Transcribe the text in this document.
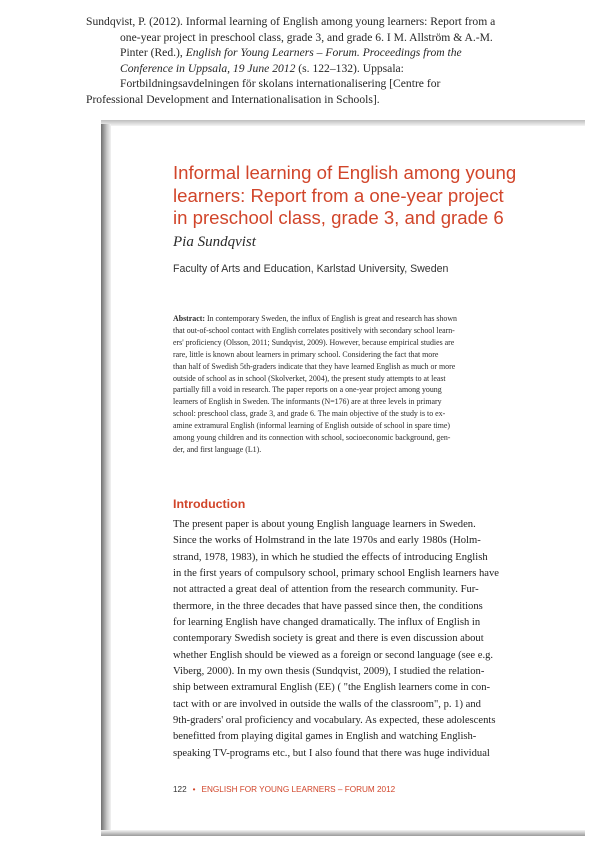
Sundqvist, P. (2012). Informal learning of English among young learners: Report from a
one-year project in preschool class, grade 3, and grade 6. I M. Allström & A.-M.
Pinter (Red.), English for Young Learners – Forum. Proceedings from the
Conference in Uppsala, 19 June 2012 (s. 122–132). Uppsala:
Fortbildningsavdelningen för skolans internationalisering [Centre for
Professional Development and Internationalisation in Schools].
Informal learning of English among young
learners: Report from a one-year project
in preschool class, grade 3, and grade 6
Pia Sundqvist
Faculty of Arts and Education, Karlstad University, Sweden
Abstract: In contemporary Sweden, the influx of English is great and research has shown
that out-of-school contact with English correlates positively with secondary school learn-
ers' proficiency (Olsson, 2011; Sundqvist, 2009). However, because empirical studies are
rare, little is known about learners in primary school. Considering the fact that more
than half of Swedish 5th-graders indicate that they have learned English as much or more
outside of school as in school (Skolverket, 2004), the present study attempts to at least
partially fill a void in research. The paper reports on a one-year project among young
learners of English in Sweden. The informants (N=176) are at three levels in primary
school: preschool class, grade 3, and grade 6. The main objective of the study is to ex-
amine extramural English (informal learning of English outside of school in spare time)
among young children and its connection with school, socioeconomic background, gen-
der, and first language (L1).
Introduction
The present paper is about young English language learners in Sweden.
Since the works of Holmstrand in the late 1970s and early 1980s (Holm-
strand, 1978, 1983), in which he studied the effects of introducing English
in the first years of compulsory school, primary school English learners have
not attracted a great deal of attention from the research community. Fur-
thermore, in the three decades that have passed since then, the conditions
for learning English have changed dramatically. The influx of English in
contemporary Swedish society is great and there is even discussion about
whether English should be viewed as a foreign or second language (see e.g.
Viberg, 2000). In my own thesis (Sundqvist, 2009), I studied the relation-
ship between extramural English (EE) ( "the English learners come in con-
tact with or are involved in outside the walls of the classroom", p. 1) and
9th-graders' oral proficiency and vocabulary. As expected, these adolescents
benefitted from playing digital games in English and watching English-
speaking TV-programs etc., but I also found that there was huge individual
122 • ENGLISH FOR YOUNG LEARNERS – FORUM 2012
